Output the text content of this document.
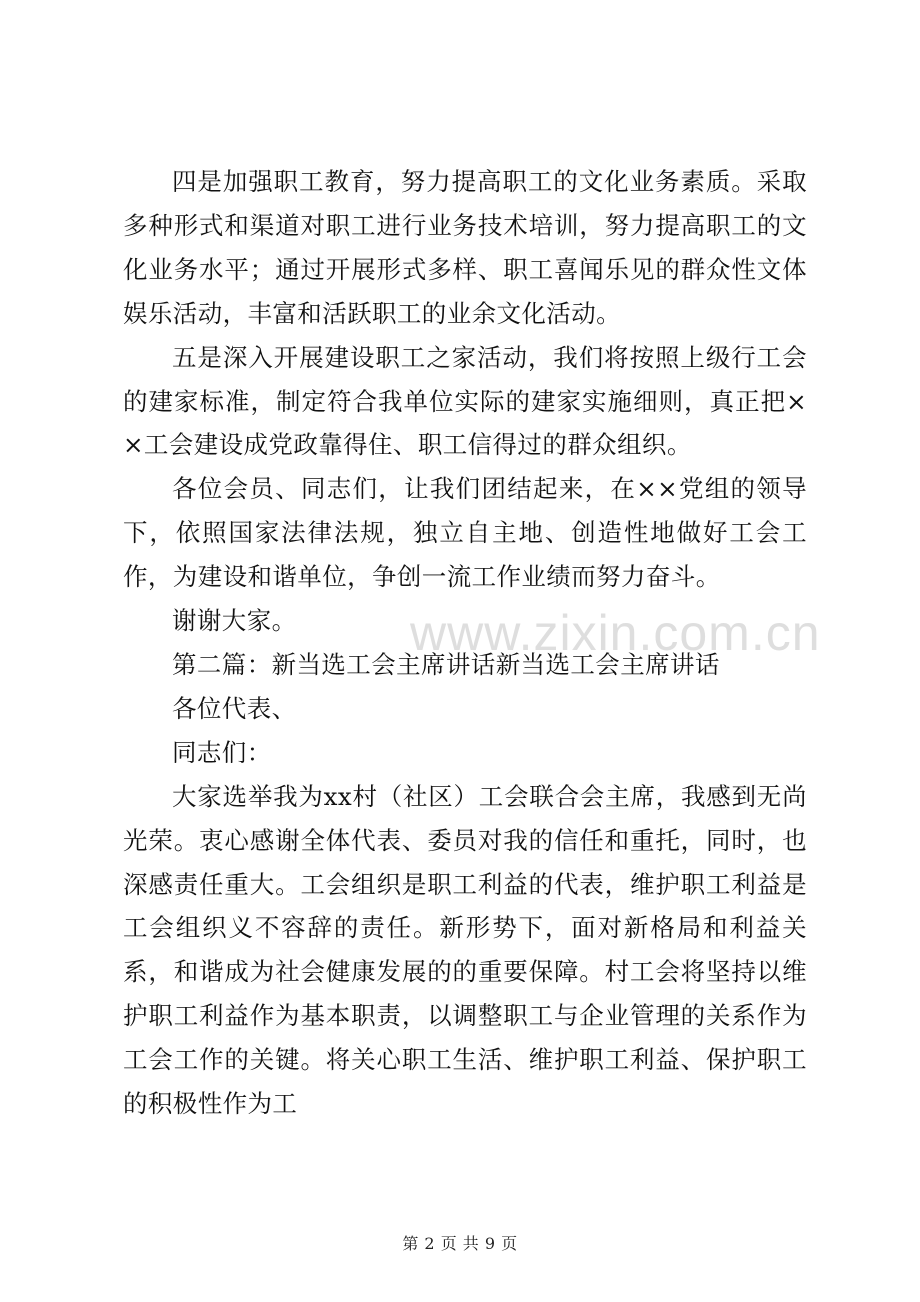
四是加强职工教育，努力提高职工的文化业务素质。采取多种形式和渠道对职工进行业务技术培训，努力提高职工的文化业务水平；通过开展形式多样、职工喜闻乐见的群众性文体娱乐活动，丰富和活跃职工的业余文化活动。

五是深入开展建设职工之家活动，我们将按照上级行工会的建家标准，制定符合我单位实际的建家实施细则，真正把××工会建设成党政靠得住、职工信得过的群众组织。

各位会员、同志们，让我们团结起来，在××党组的领导下，依照国家法律法规，独立自主地、创造性地做好工会工作，为建设和谐单位，争创一流工作业绩而努力奋斗。

谢谢大家。

第二篇：新当选工会主席讲话新当选工会主席讲话

各位代表、

同志们：

大家选举我为xx村（社区）工会联合会主席，我感到无尚光荣。衷心感谢全体代表、委员对我的信任和重托，同时，也深感责任重大。工会组织是职工利益的代表，维护职工利益是工会组织义不容辞的责任。新形势下，面对新格局和利益关系，和谐成为社会健康发展的的重要保障。村工会将坚持以维护职工利益作为基本职责，以调整职工与企业管理的关系作为工会工作的关键。将关心职工生活、维护职工利益、保护职工的积极性作为工

www.zixin.com.cn
第 2 页 共 9 页
